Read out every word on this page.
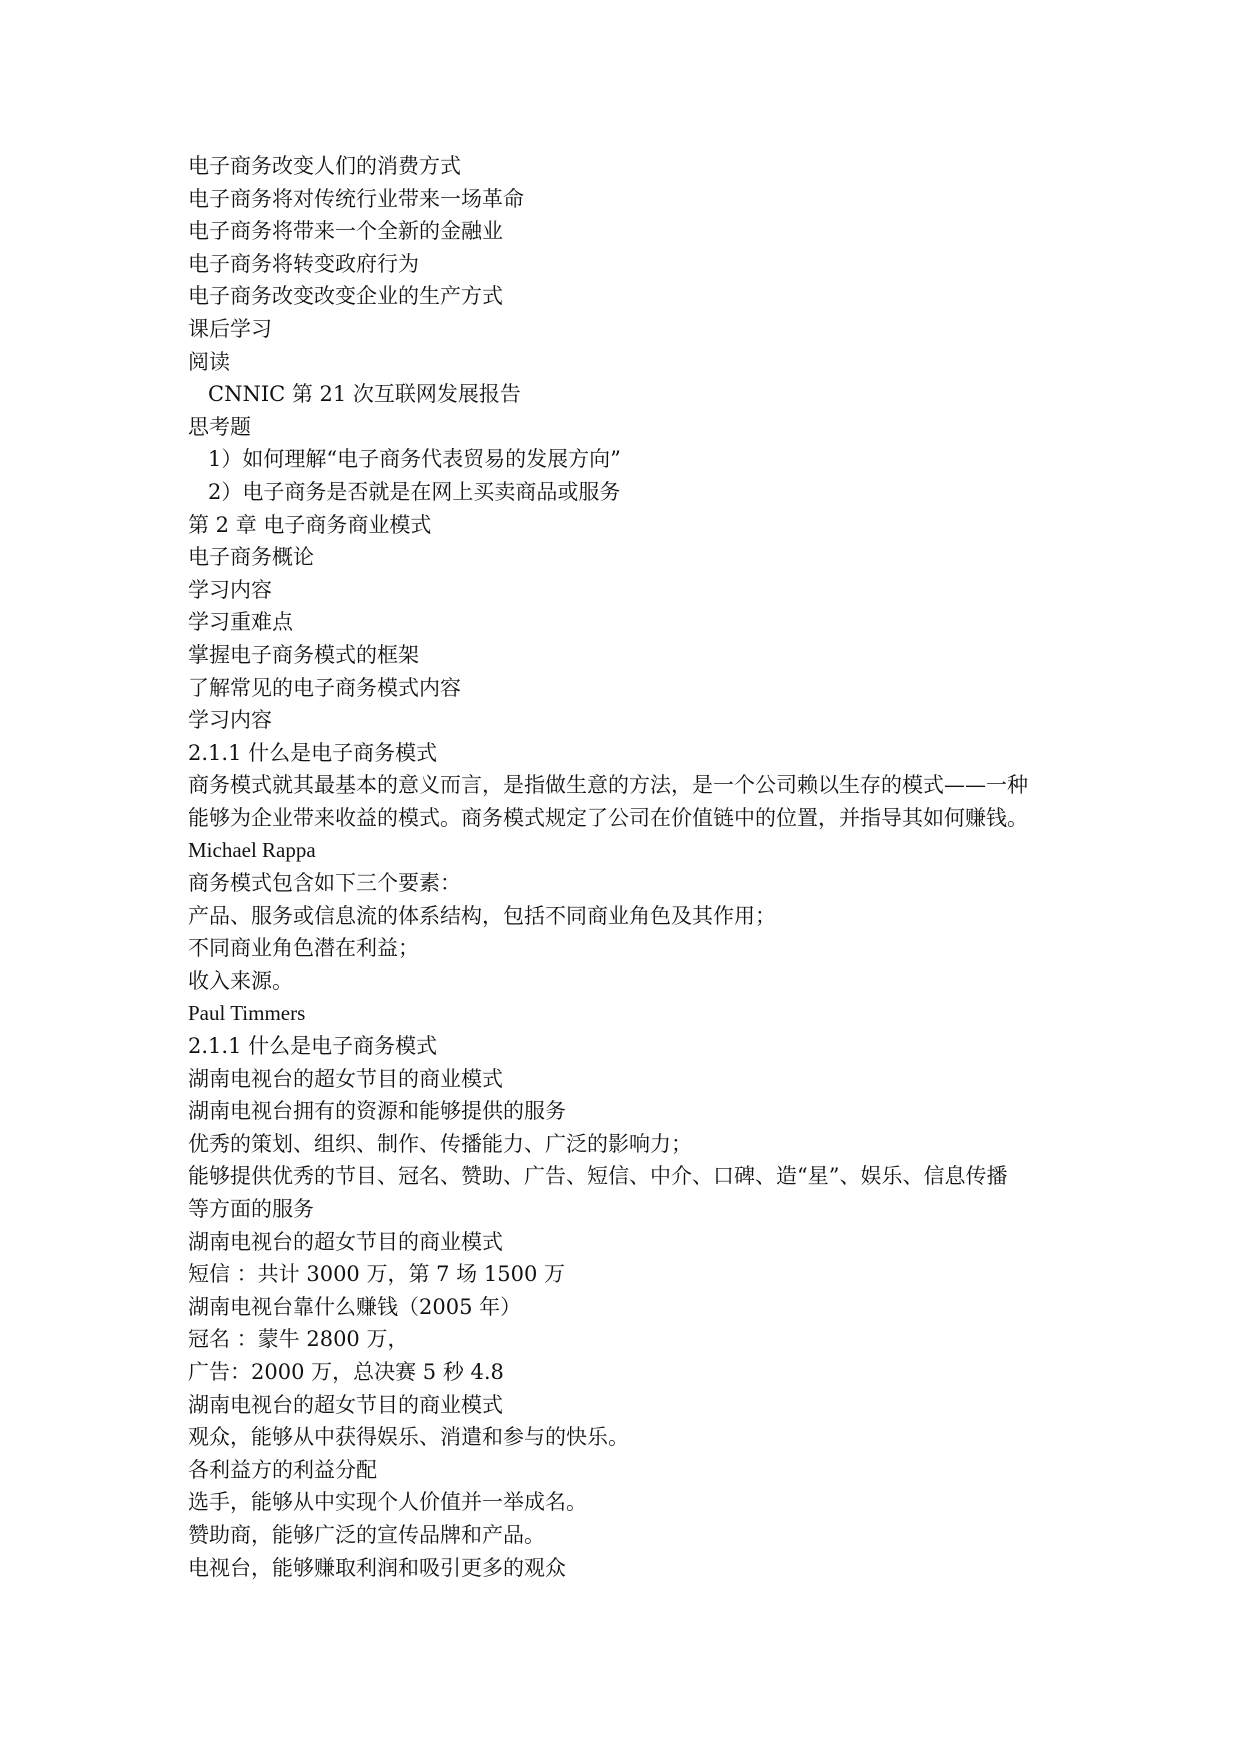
电子商务改变人们的消费方式
电子商务将对传统行业带来一场革命
电子商务将带来一个全新的金融业
电子商务将转变政府行为
电子商务改变改变企业的生产方式
课后学习
阅读
CNNIC 第 21 次互联网发展报告
思考题
1）如何理解“电子商务代表贸易的发展方向”
2）电子商务是否就是在网上买卖商品或服务
第 2 章 电子商务商业模式
电子商务概论
学习内容
学习重难点
掌握电子商务模式的框架
了解常见的电子商务模式内容
学习内容
2.1.1 什么是电子商务模式
商务模式就其最基本的意义而言，是指做生意的方法，是一个公司赖以生存的模式——一种
能够为企业带来收益的模式。商务模式规定了公司在价值链中的位置，并指导其如何赚钱。
Michael Rappa
商务模式包含如下三个要素：
产品、服务或信息流的体系结构，包括不同商业角色及其作用；
不同商业角色潜在利益；
收入来源。
Paul Timmers
2.1.1 什么是电子商务模式
湖南电视台的超女节目的商业模式
湖南电视台拥有的资源和能够提供的服务
优秀的策划、组织、制作、传播能力、广泛的影响力；
能够提供优秀的节目、冠名、赞助、广告、短信、中介、口碑、造“星”、娱乐、信息传播
等方面的服务
湖南电视台的超女节目的商业模式
短信 ：共计 3000 万，第 7 场 1500 万
湖南电视台靠什么赚钱（2005 年）
冠名 ：蒙牛 2800 万，
广告：2000 万，总决赛 5 秒 4.8
湖南电视台的超女节目的商业模式
观众，能够从中获得娱乐、消遣和参与的快乐。
各利益方的利益分配
选手，能够从中实现个人价值并一举成名。
赞助商，能够广泛的宣传品牌和产品。
电视台，能够赚取利润和吸引更多的观众
